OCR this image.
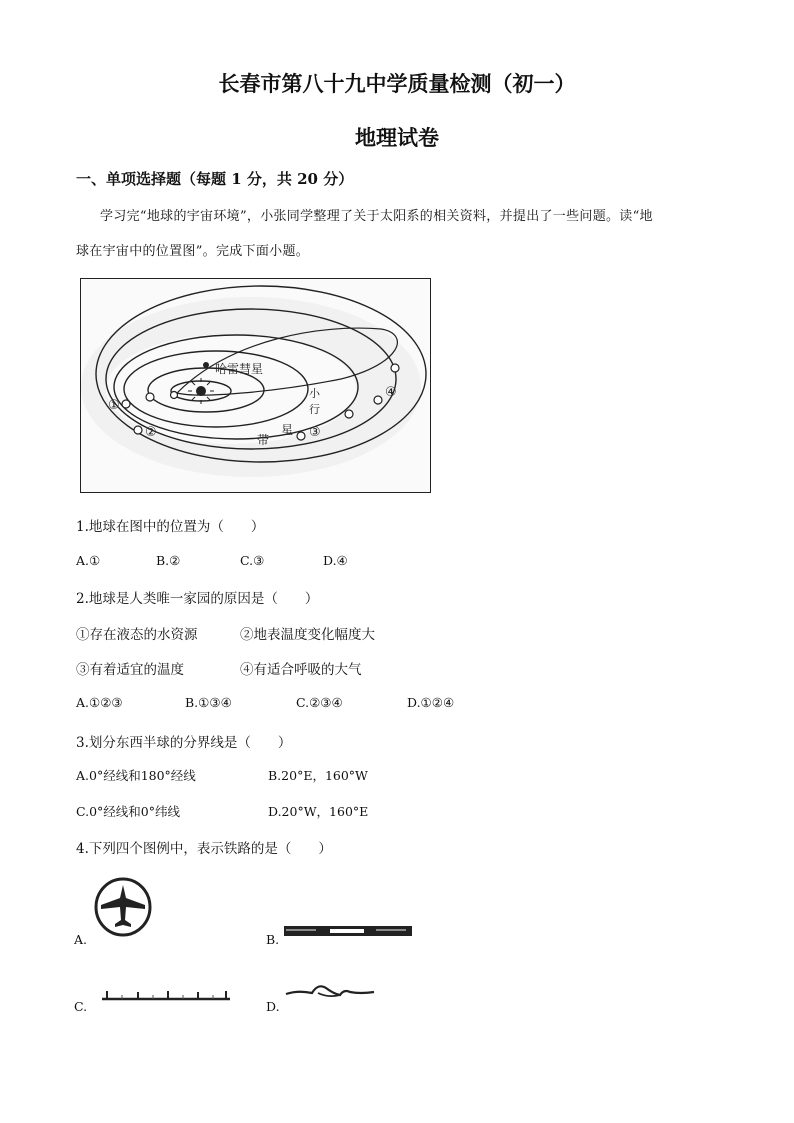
长春市第八十九中学质量检测（初一）
地理试卷
一、单项选择题（每题 1 分，共 20 分）
学习完“地球的宇宙环境”，小张同学整理了关于太阳系的相关资料，并提出了一些问题。读“地
球在宇宙中的位置图”。完成下面小题。
哈雷彗星
小
行
带
星
①
②	③
④
1.地球在图中的位置为（　　）
A.①	B.②	C.③	D.④
2.地球是人类唯一家园的原因是（　　）
①存在液态的水资源	②地表温度变化幅度大
③有着适宜的温度	④有适合呼吸的大气
A.①②③	B.①③④	C.②③④	D.①②④
3.划分东西半球的分界线是（　　）
A.0°经线和180°经线	B.20°E，160°W
C.0°经线和0°纬线	D.20°W，160°E
4.下列四个图例中，表示铁路的是（　　）
A.	B.
C.	D.
